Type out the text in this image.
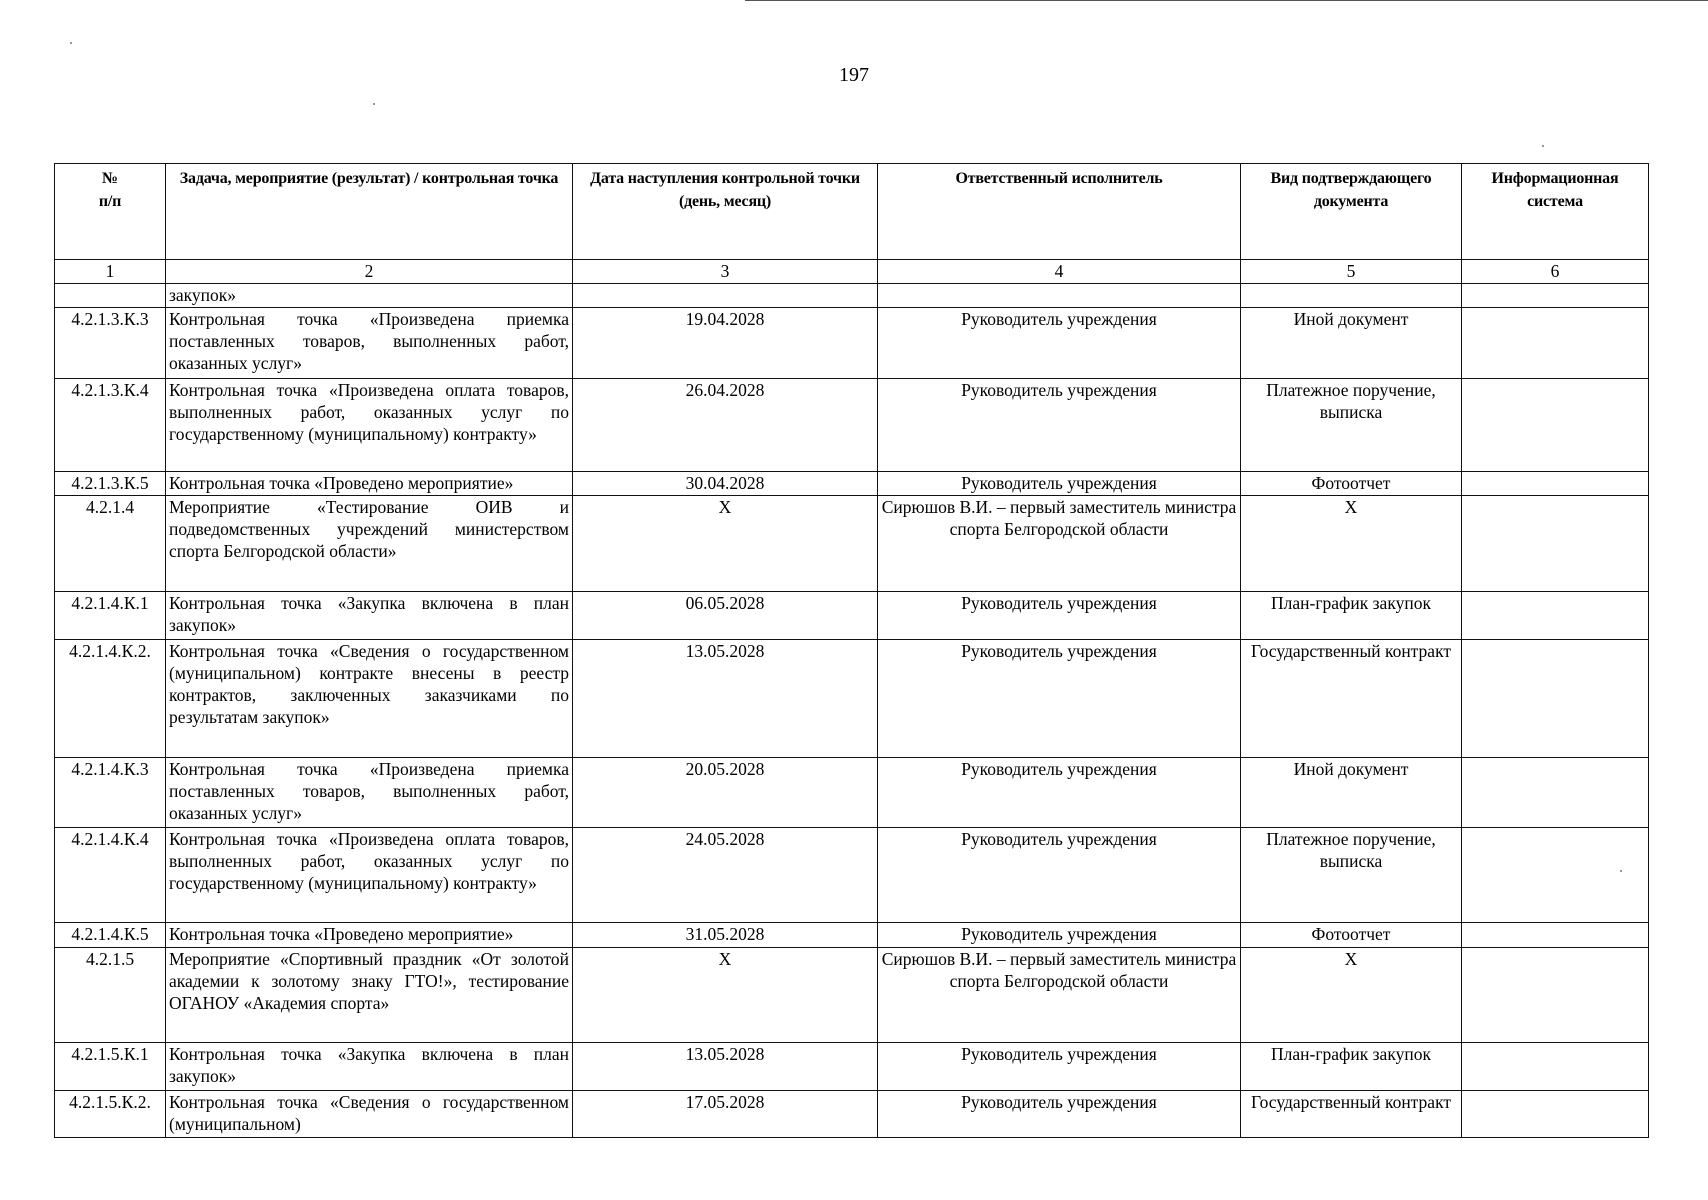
197
№
п/п	Задача, мероприятие (результат) / контрольная точка	Дата наступления контрольной точки (день, месяц)	Ответственный исполнитель	Вид подтверждающего документа	Информационная система
1	2	3	4	5	6
	закупок»				
4.2.1.3.К.3	Контрольная точка «Произведена приемка поставленных товаров, выполненных работ, оказанных услуг»	19.04.2028	Руководитель учреждения	Иной документ	
4.2.1.3.К.4	Контрольная точка «Произведена оплата товаров, выполненных работ, оказанных услуг по государственному (муниципальному) контракту»	26.04.2028	Руководитель учреждения	Платежное поручение, выписка	
4.2.1.3.К.5	Контрольная точка «Проведено мероприятие»	30.04.2028	Руководитель учреждения	Фотоотчет	
4.2.1.4	Мероприятие «Тестирование ОИВ и подведомственных учреждений министерством спорта Белгородской области»	Х	Сирюшов В.И. – первый заместитель министра спорта Белгородской области	Х	
4.2.1.4.К.1	Контрольная точка «Закупка включена в план закупок»	06.05.2028	Руководитель учреждения	План-график закупок	
4.2.1.4.К.2.	Контрольная точка «Сведения о государственном (муниципальном) контракте внесены в реестр контрактов, заключенных заказчиками по результатам закупок»	13.05.2028	Руководитель учреждения	Государственный контракт	
4.2.1.4.К.3	Контрольная точка «Произведена приемка поставленных товаров, выполненных работ, оказанных услуг»	20.05.2028	Руководитель учреждения	Иной документ	
4.2.1.4.К.4	Контрольная точка «Произведена оплата товаров, выполненных работ, оказанных услуг по государственному (муниципальному) контракту»	24.05.2028	Руководитель учреждения	Платежное поручение, выписка	
4.2.1.4.К.5	Контрольная точка «Проведено мероприятие»	31.05.2028	Руководитель учреждения	Фотоотчет	
4.2.1.5	Мероприятие «Спортивный праздник «От золотой академии к золотому знаку ГТО!», тестирование ОГАНОУ «Академия спорта»	Х	Сирюшов В.И. – первый заместитель министра спорта Белгородской области	Х	
4.2.1.5.К.1	Контрольная точка «Закупка включена в план закупок»	13.05.2028	Руководитель учреждения	План-график закупок	
4.2.1.5.К.2.	Контрольная точка «Сведения о государственном (муниципальном)	17.05.2028	Руководитель учреждения	Государственный контракт	
